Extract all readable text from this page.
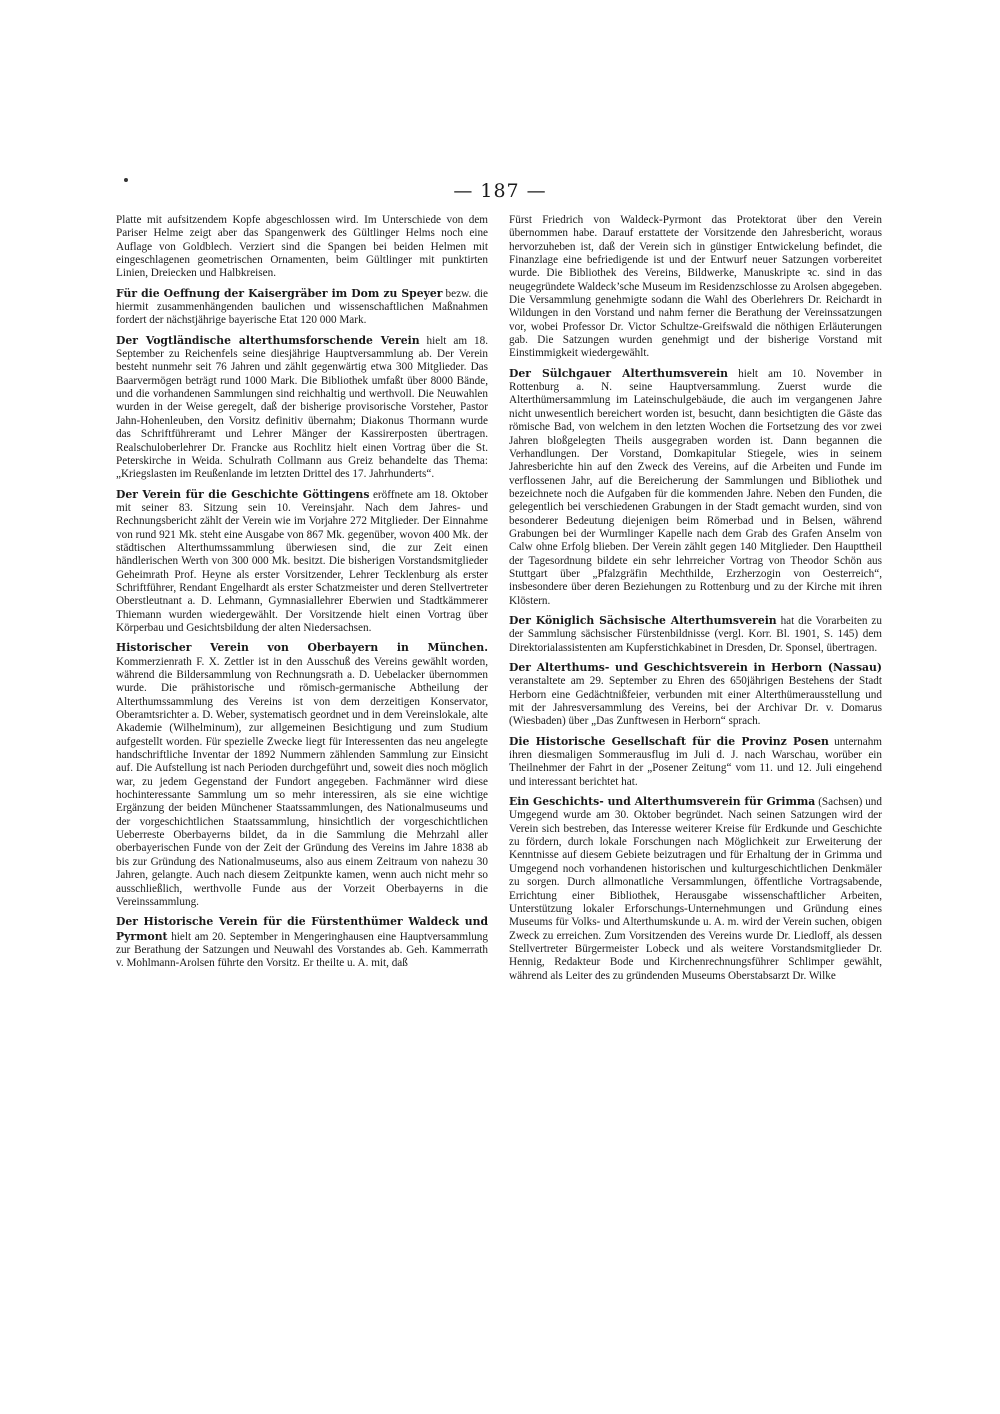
— 187 —

Platte mit aufsitzendem Kopfe abgeschlossen wird. Im Unterschiede von dem Pariser Helme zeigt aber das Spangenwerk des Gültlinger Helms noch eine Auflage von Goldblech. Verziert sind die Spangen bei beiden Helmen mit eingeschlagenen geometrischen Ornamenten, beim Gültlinger mit punktirten Linien, Dreiecken und Halbkreisen.

Für die Oeffnung der Kaisergräber im Dom zu Speyer bezw. die hiermit zusammenhängenden baulichen und wissenschaftlichen Maßnahmen fordert der nächstjährige bayerische Etat 120 000 Mark.

Der Vogtländische alterthumsforschende Verein hielt am 18. September zu Reichenfels seine diesjährige Hauptversammlung ab. Der Verein besteht nunmehr seit 76 Jahren und zählt gegenwärtig etwa 300 Mitglieder. Das Baarvermögen beträgt rund 1000 Mark. Die Bibliothek umfaßt über 8000 Bände, und die vorhandenen Sammlungen sind reichhaltig und werthvoll. Die Neuwahlen wurden in der Weise geregelt, daß der bisherige provisorische Vorsteher, Pastor Jahn-Hohenleuben, den Vorsitz definitiv übernahm; Diakonus Thormann wurde das Schriftführeramt und Lehrer Mänger der Kassirerposten übertragen. Realschuloberlehrer Dr. Francke aus Rochlitz hielt einen Vortrag über die St. Peterskirche in Weida. Schulrath Collmann aus Greiz behandelte das Thema: „Kriegslasten im Reußenlande im letzten Drittel des 17. Jahrhunderts“.

Der Verein für die Geschichte Göttingens eröffnete am 18. Oktober mit seiner 83. Sitzung sein 10. Vereinsjahr. Nach dem Jahres- und Rechnungsbericht zählt der Verein wie im Vorjahre 272 Mitglieder. Der Einnahme von rund 921 Mk. steht eine Ausgabe von 867 Mk. gegenüber, wovon 400 Mk. der städtischen Alterthumssammlung überwiesen sind, die zur Zeit einen händlerischen Werth von 300 000 Mk. besitzt. Die bisherigen Vorstandsmitglieder Geheimrath Prof. Heyne als erster Vorsitzender, Lehrer Tecklenburg als erster Schriftführer, Rendant Engelhardt als erster Schatzmeister und deren Stellvertreter Oberstleutnant a. D. Lehmann, Gymnasiallehrer Eberwien und Stadtkämmerer Thiemann wurden wiedergewählt. Der Vorsitzende hielt einen Vortrag über Körperbau und Gesichtsbildung der alten Niedersachsen.

Historischer Verein von Oberbayern in München. Kommerzienrath F. X. Zettler ist in den Ausschuß des Vereins gewählt worden, während die Bildersammlung von Rechnungsrath a. D. Uebelacker übernommen wurde. Die prähistorische und römisch-germanische Abtheilung der Alterthumssammlung des Vereins ist von dem derzeitigen Konservator, Oberamtsrichter a. D. Weber, systematisch geordnet und in dem Vereinslokale, alte Akademie (Wilhelminum), zur allgemeinen Besichtigung und zum Studium aufgestellt worden. Für spezielle Zwecke liegt für Interessenten das neu angelegte handschriftliche Inventar der 1892 Nummern zählenden Sammlung zur Einsicht auf. Die Aufstellung ist nach Perioden durchgeführt und, soweit dies noch möglich war, zu jedem Gegenstand der Fundort angegeben. Fachmänner wird diese hochinteressante Sammlung um so mehr interessiren, als sie eine wichtige Ergänzung der beiden Münchener Staatssammlungen, des Nationalmuseums und der vorgeschichtlichen Staatssammlung, hinsichtlich der vorgeschichtlichen Ueberreste Oberbayerns bildet, da in die Sammlung die Mehrzahl aller oberbayerischen Funde von der Zeit der Gründung des Vereins im Jahre 1838 ab bis zur Gründung des Nationalmuseums, also aus einem Zeitraum von nahezu 30 Jahren, gelangte. Auch nach diesem Zeitpunkte kamen, wenn auch nicht mehr so ausschließlich, werthvolle Funde aus der Vorzeit Oberbayerns in die Vereinssammlung.

Der Historische Verein für die Fürstenthümer Waldeck und Pyrmont hielt am 20. September in Mengeringhausen eine Hauptversammlung zur Berathung der Satzungen und Neuwahl des Vorstandes ab. Geh. Kammerrath v. Mohlmann-Arolsen führte den Vorsitz. Er theilte u. A. mit, daß

Fürst Friedrich von Waldeck-Pyrmont das Protektorat über den Verein übernommen habe. Darauf erstattete der Vorsitzende den Jahresbericht, woraus hervorzuheben ist, daß der Verein sich in günstiger Entwickelung befindet, die Finanzlage eine befriedigende ist und der Entwurf neuer Satzungen vorbereitet wurde. Die Bibliothek des Vereins, Bildwerke, Manuskripte ꝛc. sind in das neugegründete Waldeck’sche Museum im Residenzschlosse zu Arolsen abgegeben. Die Versammlung genehmigte sodann die Wahl des Oberlehrers Dr. Reichardt in Wildungen in den Vorstand und nahm ferner die Berathung der Vereinssatzungen vor, wobei Professor Dr. Victor Schultze-Greifswald die nöthigen Erläuterungen gab. Die Satzungen wurden genehmigt und der bisherige Vorstand mit Einstimmigkeit wiedergewählt.

Der Sülchgauer Alterthumsverein hielt am 10. November in Rottenburg a. N. seine Hauptversammlung. Zuerst wurde die Alterthümersammlung im Lateinschulgebäude, die auch im vergangenen Jahre nicht unwesentlich bereichert worden ist, besucht, dann besichtigten die Gäste das römische Bad, von welchem in den letzten Wochen die Fortsetzung des vor zwei Jahren bloßgelegten Theils ausgegraben worden ist. Dann begannen die Verhandlungen. Der Vorstand, Domkapitular Stiegele, wies in seinem Jahresberichte hin auf den Zweck des Vereins, auf die Arbeiten und Funde im verflossenen Jahr, auf die Bereicherung der Sammlungen und Bibliothek und bezeichnete noch die Aufgaben für die kommenden Jahre. Neben den Funden, die gelegentlich bei verschiedenen Grabungen in der Stadt gemacht wurden, sind von besonderer Bedeutung diejenigen beim Römerbad und in Belsen, während Grabungen bei der Wurmlinger Kapelle nach dem Grab des Grafen Anselm von Calw ohne Erfolg blieben. Der Verein zählt gegen 140 Mitglieder. Den Haupttheil der Tagesordnung bildete ein sehr lehrreicher Vortrag von Theodor Schön aus Stuttgart über „Pfalzgräfin Mechthilde, Erzherzogin von Oesterreich“, insbesondere über deren Beziehungen zu Rottenburg und zu der Kirche mit ihren Klöstern.

Der Königlich Sächsische Alterthumsverein hat die Vorarbeiten zu der Sammlung sächsischer Fürstenbildnisse (vergl. Korr. Bl. 1901, S. 145) dem Direktorialassistenten am Kupferstichkabinet in Dresden, Dr. Sponsel, übertragen.

Der Alterthums- und Geschichtsverein in Herborn (Nassau) veranstaltete am 29. September zu Ehren des 650jährigen Bestehens der Stadt Herborn eine Gedächtnißfeier, verbunden mit einer Alterthümerausstellung und mit der Jahresversammlung des Vereins, bei der Archivar Dr. v. Domarus (Wiesbaden) über „Das Zunftwesen in Herborn“ sprach.

Die Historische Gesellschaft für die Provinz Posen unternahm ihren diesmaligen Sommerausflug im Juli d. J. nach Warschau, worüber ein Theilnehmer der Fahrt in der „Posener Zeitung“ vom 11. und 12. Juli eingehend und interessant berichtet hat.

Ein Geschichts- und Alterthumsverein für Grimma (Sachsen) und Umgegend wurde am 30. Oktober begründet. Nach seinen Satzungen wird der Verein sich bestreben, das Interesse weiterer Kreise für Erdkunde und Geschichte zu fördern, durch lokale Forschungen nach Möglichkeit zur Erweiterung der Kenntnisse auf diesem Gebiete beizutragen und für Erhaltung der in Grimma und Umgegend noch vorhandenen historischen und kulturgeschichtlichen Denkmäler zu sorgen. Durch allmonatliche Versammlungen, öffentliche Vortragsabende, Errichtung einer Bibliothek, Herausgabe wissenschaftlicher Arbeiten, Unterstützung lokaler Erforschungs-Unternehmungen und Gründung eines Museums für Volks- und Alterthumskunde u. A. m. wird der Verein suchen, obigen Zweck zu erreichen. Zum Vorsitzenden des Vereins wurde Dr. Liedloff, als dessen Stellvertreter Bürgermeister Lobeck und als weitere Vorstandsmitglieder Dr. Hennig, Redakteur Bode und Kirchenrechnungsführer Schlimper gewählt, während als Leiter des zu gründenden Museums Oberstabsarzt Dr. Wilke
